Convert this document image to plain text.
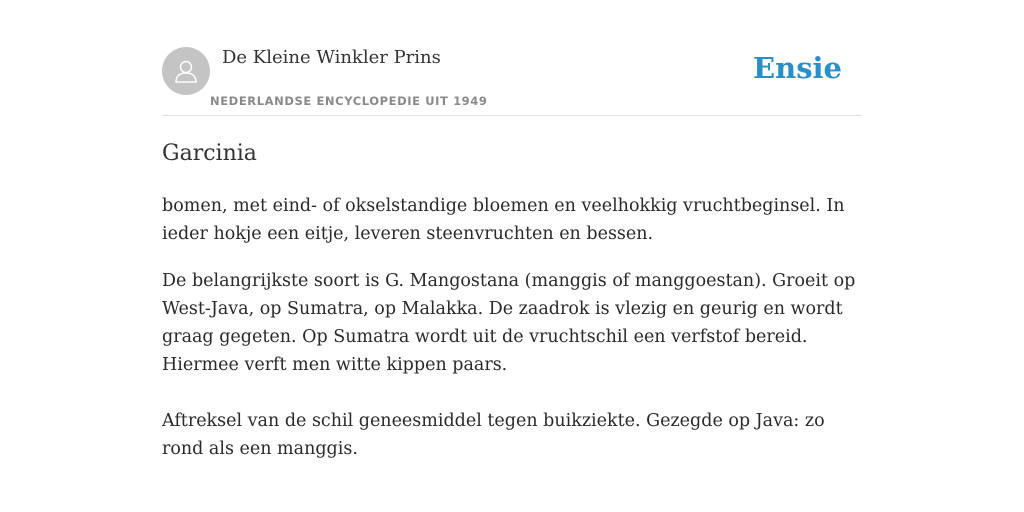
De Kleine Winkler Prins
NEDERLANDSE ENCYCLOPEDIE UIT 1949
Ensie
Garcinia

bomen, met eind- of okselstandige bloemen en veelhokkig vruchtbeginsel. In ieder hokje een eitje, leveren steenvruchten en bessen.

De belangrijkste soort is G. Mangostana (manggis of manggoestan). Groeit op West-Java, op Sumatra, op Malakka. De zaadrok is vlezig en geurig en wordt graag gegeten. Op Sumatra wordt uit de vruchtschil een verfstof bereid. Hiermee verft men witte kippen paars.

Aftreksel van de schil geneesmiddel tegen buikziekte. Gezegde op Java: zo rond als een manggis.
